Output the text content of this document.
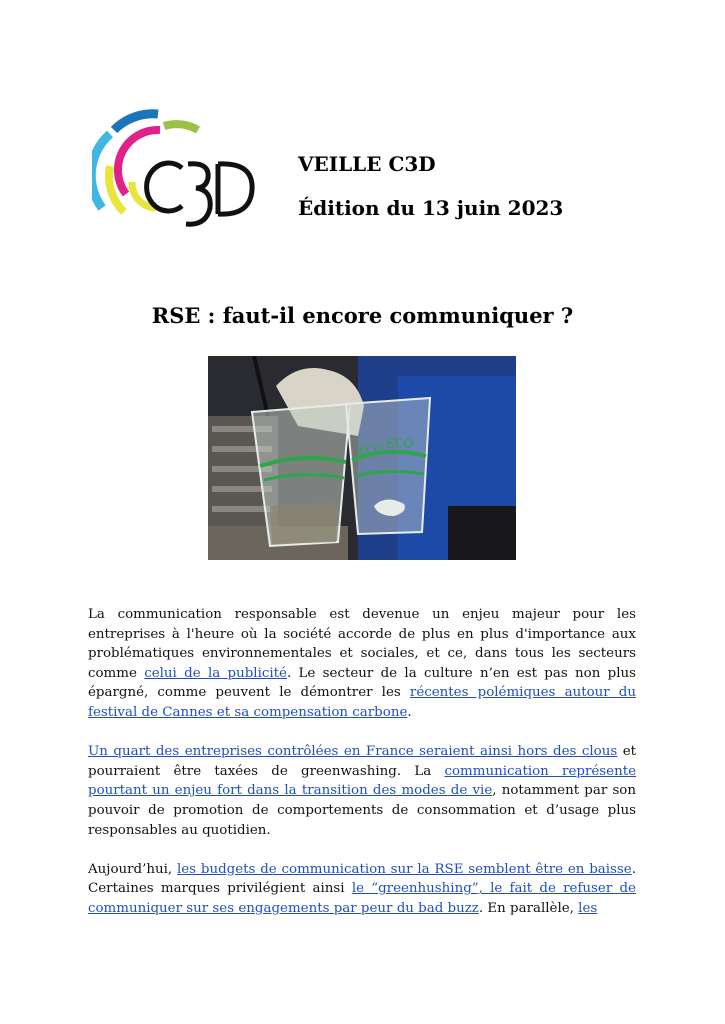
VEILLE C3D
Édition du 13 juin 2023
RSE : faut-il encore communiquer ?
ECO ECO

La communication responsable est devenue un enjeu majeur pour les entreprises à l'heure où la société accorde de plus en plus d'importance aux problématiques environnementales et sociales, et ce, dans tous les secteurs comme celui de la publicité. Le secteur de la culture n’en est pas non plus épargné, comme peuvent le démontrer les récentes polémiques autour du festival de Cannes et sa compensation carbone.

Un quart des entreprises contrôlées en France seraient ainsi hors des clous et pourraient être taxées de greenwashing. La communication représente pourtant un enjeu fort dans la transition des modes de vie, notamment par son pouvoir de promotion de comportements de consommation et d’usage plus responsables au quotidien.

Aujourd’hui, les budgets de communication sur la RSE semblent être en baisse. Certaines marques privilégient ainsi le “greenhushing”, le fait de refuser de communiquer sur ses engagements par peur du bad buzz. En parallèle, les
